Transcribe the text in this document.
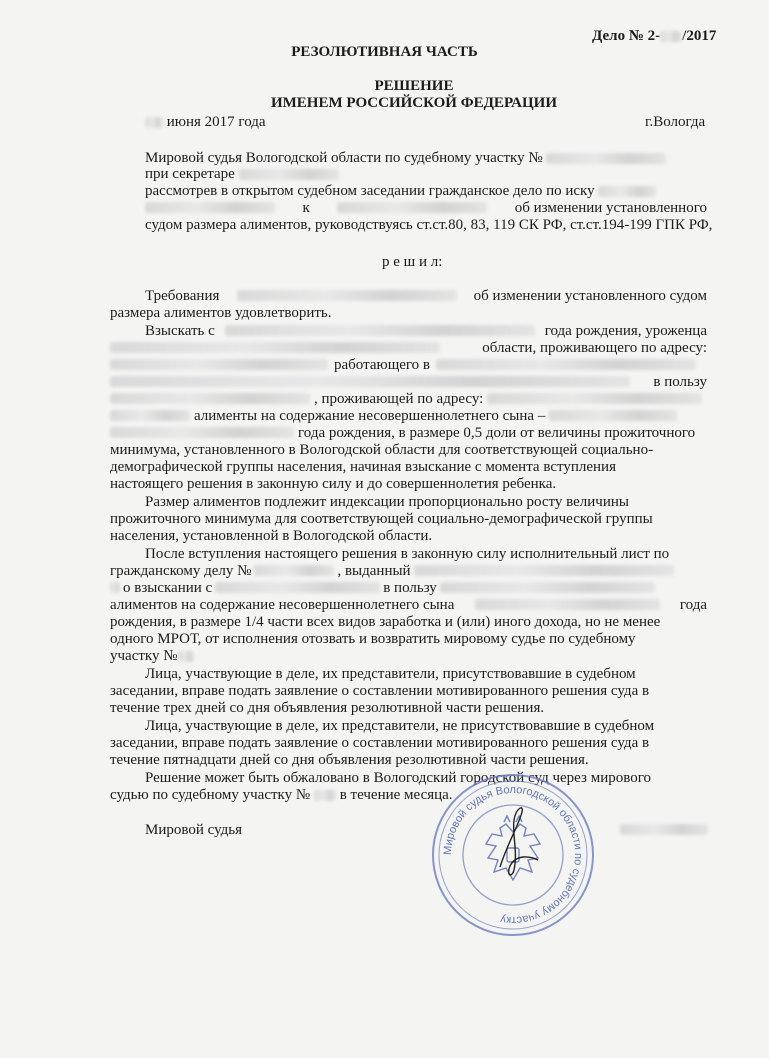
Дело № 2- /2017
РЕЗОЛЮТИВНАЯ ЧАСТЬ
РЕШЕНИЕ
ИМЕНЕМ РОССИЙСКОЙ ФЕДЕРАЦИИ
июня 2017 года	г.Вологда
Мировой судья Вологодской области по судебному участку №
при секретаре
рассмотрев в открытом судебном заседании гражданское дело по иску
к	об изменении установленного
судом размера алиментов, руководствуясь ст.ст.80, 83, 119 СК РФ, ст.ст.194-199 ГПК РФ,
р е ш и л:
Требования	об изменении установленного судом
размера алиментов удовлетворить.
Взыскать с	года рождения, уроженца
области, проживающего по адресу:
работающего в
в пользу
, проживающей по адресу:
алименты на содержание несовершеннолетнего сына –
года рождения, в размере 0,5 доли от величины прожиточного
минимума, установленного в Вологодской области для соответствующей социально-
демографической группы населения, начиная взыскание с момента вступления
настоящего решения в законную силу и до совершеннолетия ребенка.
Размер алиментов подлежит индексации пропорционально росту величины
прожиточного минимума для соответствующей социально-демографической группы
населения, установленной в Вологодской области.
После вступления настоящего решения в законную силу исполнительный лист по
гражданскому делу №	, выданный
о взыскании с	в пользу
алиментов на содержание несовершеннолетнего сына	года
рождения, в размере 1/4 части всех видов заработка и (или) иного дохода, но не менее
одного МРОТ, от исполнения отозвать и возвратить мировому судье по судебному
участку №
Лица, участвующие в деле, их представители, присутствовавшие в судебном
заседании, вправе подать заявление о составлении мотивированного решения суда в
течение трех дней со дня объявления резолютивной части решения.
Лица, участвующие в деле, их представители, не присутствовавшие в судебном
заседании, вправе подать заявление о составлении мотивированного решения суда в
течение пятнадцати дней со дня объявления резолютивной части решения.
Решение может быть обжаловано в Вологодский городской суд через мирового
судью по судебному участку № в течение месяца.
Мировой судья
Мировой судья Вологодской области по судебному участку
